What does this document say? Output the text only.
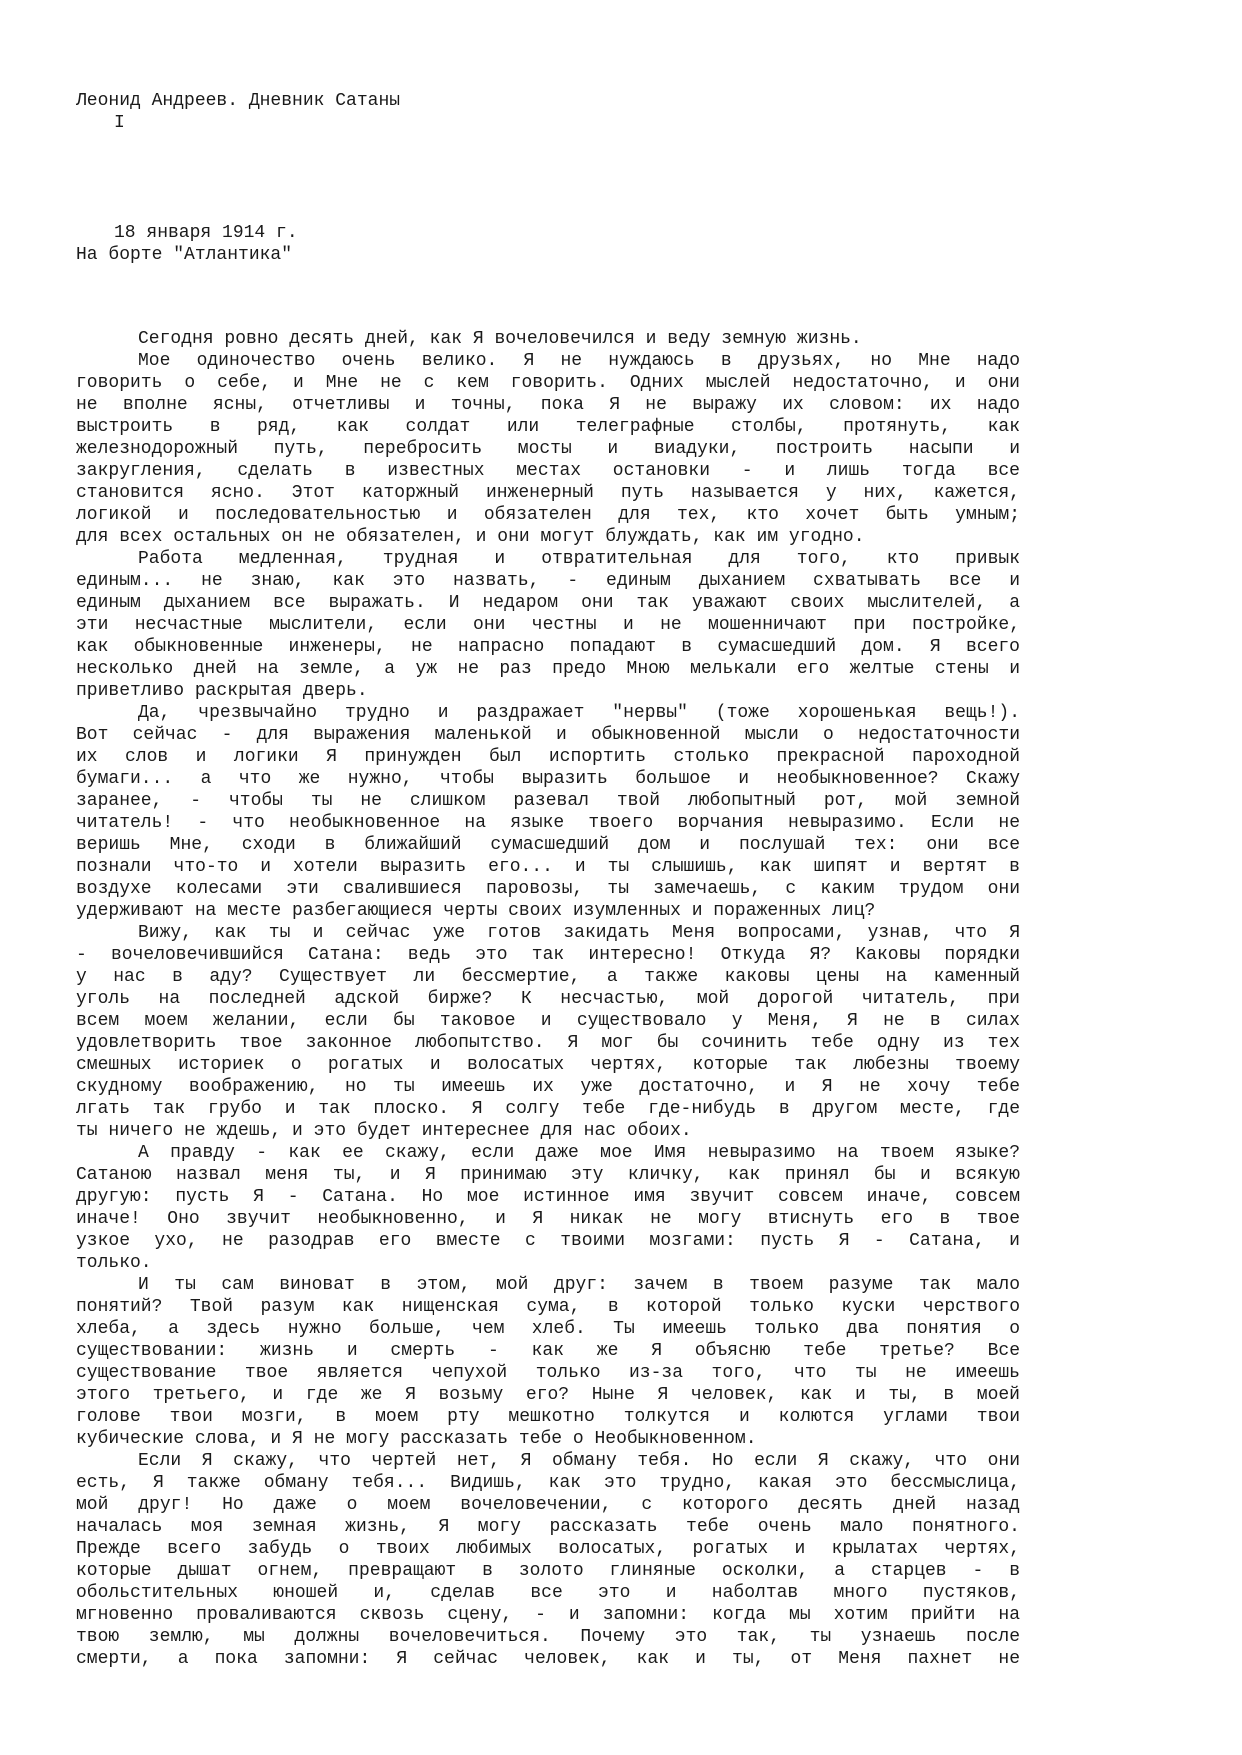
Леонид Андреев. Дневник Сатаны
I
18 января 1914 г.
На борте "Атлантика"
Сегодня ровно десять дней, как Я вочеловечился и веду земную жизнь.
Мое одиночество очень велико. Я не нуждаюсь в друзьях, но Мне надо
говорить о себе, и Мне не с кем говорить. Одних мыслей недостаточно, и они
не вполне ясны, отчетливы и точны, пока Я не выражу их словом: их надо
выстроить в ряд, как солдат или телеграфные столбы, протянуть, как
железнодорожный путь, перебросить мосты и виадуки, построить насыпи и
закругления, сделать в известных местах остановки - и лишь тогда все
становится ясно. Этот каторжный инженерный путь называется у них, кажется,
логикой и последовательностью и обязателен для тех, кто хочет быть умным;
для всех остальных он не обязателен, и они могут блуждать, как им угодно.
Работа медленная, трудная и отвратительная для того, кто привык
единым... не знаю, как это назвать, - единым дыханием схватывать все и
единым дыханием все выражать. И недаром они так уважают своих мыслителей, а
эти несчастные мыслители, если они честны и не мошенничают при постройке,
как обыкновенные инженеры, не напрасно попадают в сумасшедший дом. Я всего
несколько дней на земле, а уж не раз предо Мною мелькали его желтые стены и
приветливо раскрытая дверь.
Да, чрезвычайно трудно и раздражает "нервы" (тоже хорошенькая вещь!).
Вот сейчас - для выражения маленькой и обыкновенной мысли о недостаточности
их слов и логики Я принужден был испортить столько прекрасной пароходной
бумаги... а что же нужно, чтобы выразить большое и необыкновенное? Скажу
заранее, - чтобы ты не слишком разевал твой любопытный рот, мой земной
читатель! - что необыкновенное на языке твоего ворчания невыразимо. Если не
веришь Мне, сходи в ближайший сумасшедший дом и послушай тех: они все
познали что-то и хотели выразить его... и ты слышишь, как шипят и вертят в
воздухе колесами эти свалившиеся паровозы, ты замечаешь, с каким трудом они
удерживают на месте разбегающиеся черты своих изумленных и пораженных лиц?
Вижу, как ты и сейчас уже готов закидать Меня вопросами, узнав, что Я
- вочеловечившийся Сатана: ведь это так интересно! Откуда Я? Каковы порядки
у нас в аду? Существует ли бессмертие, а также каковы цены на каменный
уголь на последней адской бирже? К несчастью, мой дорогой читатель, при
всем моем желании, если бы таковое и существовало у Меня, Я не в силах
удовлетворить твое законное любопытство. Я мог бы сочинить тебе одну из тех
смешных историек о рогатых и волосатых чертях, которые так любезны твоему
скудному воображению, но ты имеешь их уже достаточно, и Я не хочу тебе
лгать так грубо и так плоско. Я солгу тебе где-нибудь в другом месте, где
ты ничего не ждешь, и это будет интереснее для нас обоих.
А правду - как ее скажу, если даже мое Имя невыразимо на твоем языке?
Сатаною назвал меня ты, и Я принимаю эту кличку, как принял бы и всякую
другую: пусть Я - Сатана. Но мое истинное имя звучит совсем иначе, совсем
иначе! Оно звучит необыкновенно, и Я никак не могу втиснуть его в твое
узкое ухо, не разодрав его вместе с твоими мозгами: пусть Я - Сатана, и
только.
И ты сам виноват в этом, мой друг: зачем в твоем разуме так мало
понятий? Твой разум как нищенская сума, в которой только куски черствого
хлеба, а здесь нужно больше, чем хлеб. Ты имеешь только два понятия о
существовании: жизнь и смерть - как же Я объясню тебе третье? Все
существование твое является чепухой только из-за того, что ты не имеешь
этого третьего, и где же Я возьму его? Ныне Я человек, как и ты, в моей
голове твои мозги, в моем рту мешкотно толкутся и колются углами твои
кубические слова, и Я не могу рассказать тебе о Необыкновенном.
Если Я скажу, что чертей нет, Я обману тебя. Но если Я скажу, что они
есть, Я также обману тебя... Видишь, как это трудно, какая это бессмыслица,
мой друг! Но даже о моем вочеловечении, с которого десять дней назад
началась моя земная жизнь, Я могу рассказать тебе очень мало понятного.
Прежде всего забудь о твоих любимых волосатых, рогатых и крылатах чертях,
которые дышат огнем, превращают в золото глиняные осколки, а старцев - в
обольстительных юношей и, сделав все это и наболтав много пустяков,
мгновенно проваливаются сквозь сцену, - и запомни: когда мы хотим прийти на
твою землю, мы должны вочеловечиться. Почему это так, ты узнаешь после
смерти, а пока запомни: Я сейчас человек, как и ты, от Меня пахнет не
